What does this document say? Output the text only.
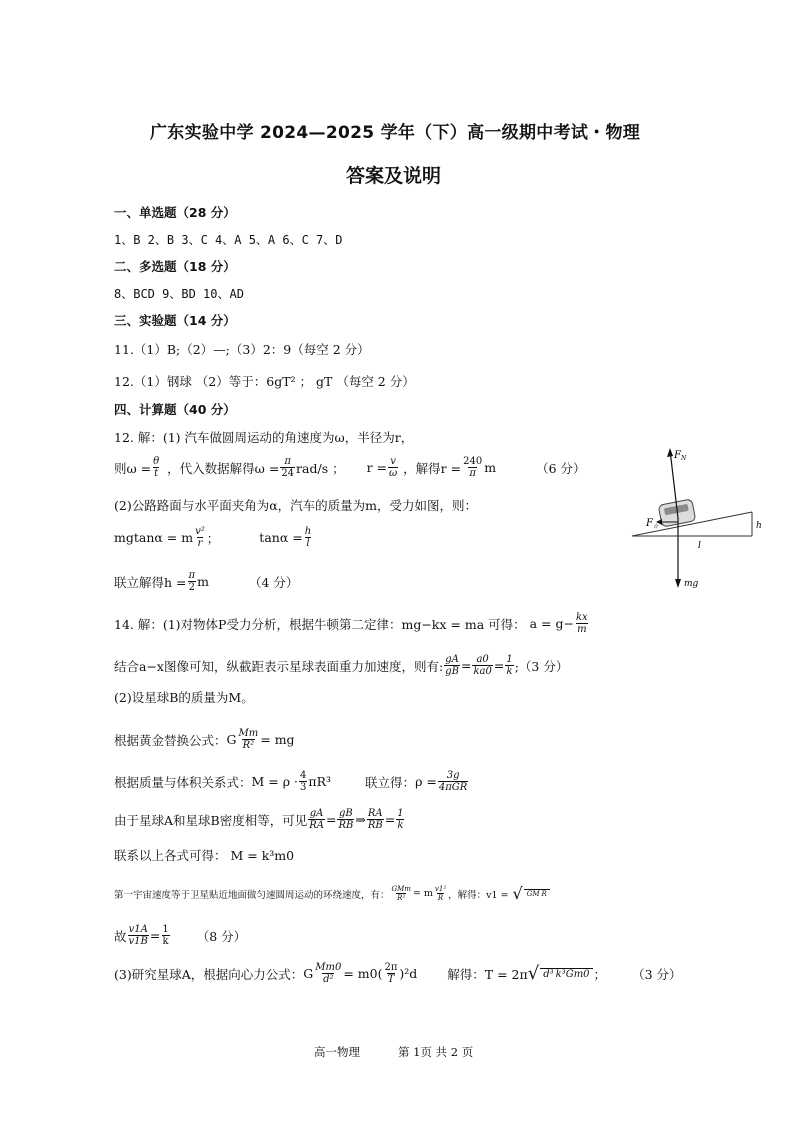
广东实验中学 2024—2025 学年（下）高一级期中考试・物理
答案及说明
一、单选题（28 分）
1、B 2、B 3、C 4、A 5、A 6、C 7、D
二、多选题（18 分）
8、BCD 9、BD 10、AD
三、实验题（14 分）
11.（1）B;（2）—;（3）2：9（每空 2 分）
12.（1）钢球 （2）等于：6gT² ； gT （每空 2 分）
四、计算题（40 分）
12. 解：(1) 汽车做圆周运动的角速度为ω，半径为r，
则$\omega = \frac{\theta}{t}$ ，代入数据解得$\omega = \frac{\pi}{24} rad/s$ ； $r = \frac{v}{\omega}$ ，解得$r = \frac{240}{\pi}$ m	（6 分）
(2)公路路面与水平面夹角为α，汽车的质量为m，受力如图，则：
mgtanα = m $\frac{\text{v²}}{r}$ ；	$\tan\alpha = \frac{h}{l}$
联立解得$h = \frac{\pi}{2}$ m	（4 分）
$F_N$
$F_合$	h
l
mg
14. 解：(1)对物体P受力分析，根据牛顿第二定律：mg−kx = ma 可得： $a = g- \frac{kx}{m}$
结合a−x图像可知，纵截距表示星球表面重力加速度，则有: $\frac{gA}{gB} = \frac{a0}{ka0} = \frac{1}{k}$ ;（3 分）
(2)设星球B的质量为M。
根据黄金替换公式： G $\frac{Mm}{\text{R²}}$ = mg
根据质量与体积关系式： $M = \rho \cdot \frac{4}{3} \pi R^3$	联立得： $\rho = \frac{3g}{\text{4πGR}}$
由于星球A和星球B密度相等，可见 $\frac{gA}{RA} = \frac{gB}{RB}$ ⇒ $\frac{RA}{RB} = \frac{1}{k}$
联系以上各式可得： M = k³m0
第一宇宙速度等于卫星贴近地面做匀速圆周运动的环绕速度，有： $\frac{\text{GMm}}{\text{R²}} = m \frac{\text{v1²}}{R}$ ，解得：v1 = √ GM R
故 $\frac{v1A}{v1B} = \frac{1}{k} (8$ 分）
(3)研究星球A，根据向心力公式： G $\frac{Mm0}{\text{d²}} = m0( \frac{2\pi}{T} )^2d$ 解得：T = 2π √ d³ k³Gm0 ； （3 分）
高一物理	第 1页 共 2 页
